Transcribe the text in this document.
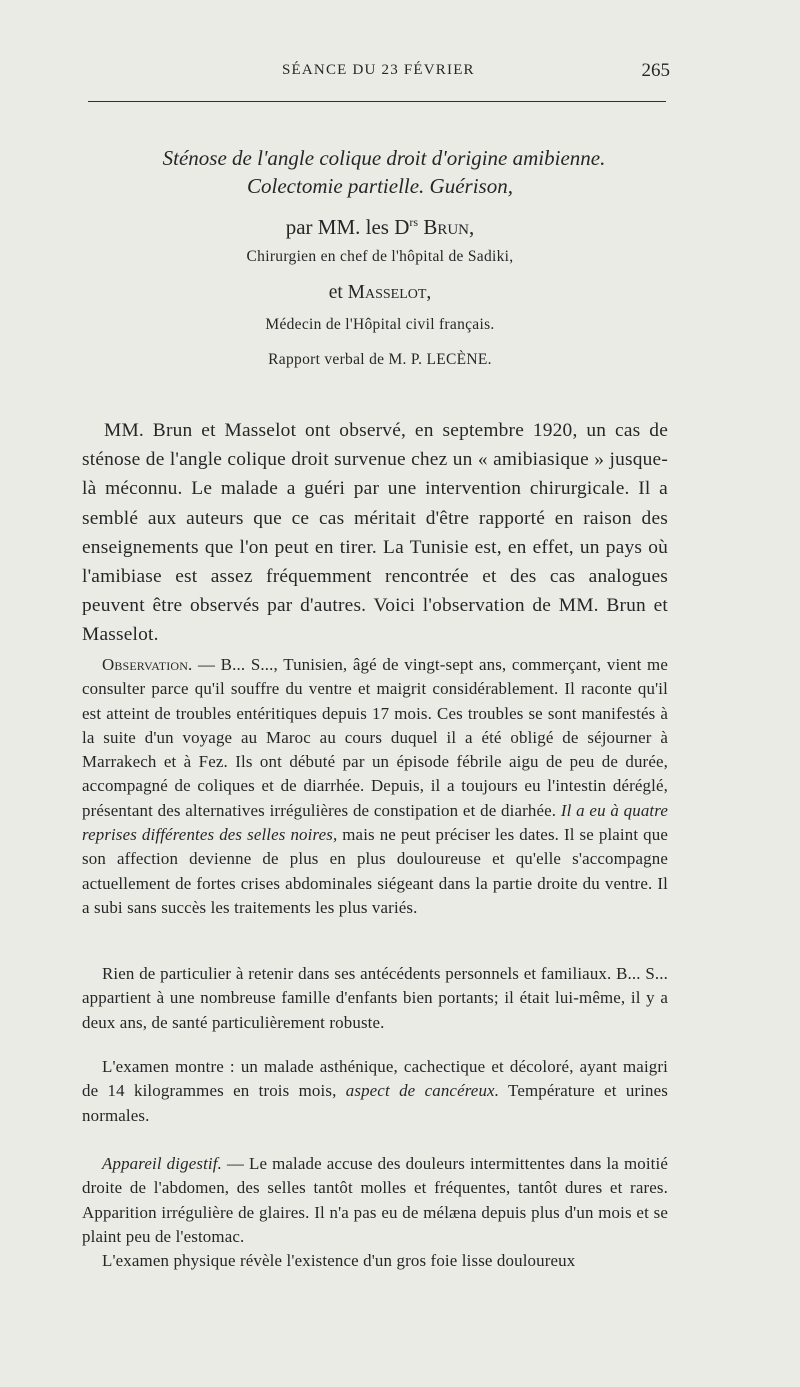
SÉANCE DU 23 FÉVRIER	265
Sténose de l'angle colique droit d'origine amibienne.
Colectomie partielle. Guérison,
par MM. les $D^{rs}$ Brun,
Chirurgien en chef de l'hôpital de Sadiki,
et Masselot,
Médecin de l'Hôpital civil français.
Rapport verbal de M. P. LECÈNE.

MM. Brun et Masselot ont observé, en septembre 1920, un cas de sténose de l'angle colique droit survenue chez un « amibiasique » jusque-là méconnu. Le malade a guéri par une intervention chirurgicale. Il a semblé aux auteurs que ce cas méritait d'être rapporté en raison des enseignements que l'on peut en tirer. La Tunisie est, en effet, un pays où l'amibiase est assez fréquemment rencontrée et des cas analogues peuvent être observés par d'autres. Voici l'observation de MM. Brun et Masselot.

Observation. — B... S..., Tunisien, âgé de vingt-sept ans, commerçant, vient me consulter parce qu'il souffre du ventre et maigrit considérablement. Il raconte qu'il est atteint de troubles entéritiques depuis 17 mois. Ces troubles se sont manifestés à la suite d'un voyage au Maroc au cours duquel il a été obligé de séjourner à Marrakech et à Fez. Ils ont débuté par un épisode fébrile aigu de peu de durée, accompagné de coliques et de diarrhée. Depuis, il a toujours eu l'intestin déréglé, présentant des alternatives irrégulières de constipation et de diarhée. Il a eu à quatre reprises différentes des selles noires, mais ne peut préciser les dates. Il se plaint que son affection devienne de plus en plus douloureuse et qu'elle s'accompagne actuellement de fortes crises abdominales siégeant dans la partie droite du ventre. Il a subi sans succès les traitements les plus variés.

Rien de particulier à retenir dans ses antécédents personnels et familiaux. B... S... appartient à une nombreuse famille d'enfants bien portants; il était lui-même, il y a deux ans, de santé particulièrement robuste.

L'examen montre : un malade asthénique, cachectique et décoloré, ayant maigri de 14 kilogrammes en trois mois, aspect de cancéreux. Température et urines normales.

Appareil digestif. — Le malade accuse des douleurs intermittentes dans la moitié droite de l'abdomen, des selles tantôt molles et fréquentes, tantôt dures et rares. Apparition irrégulière de glaires. Il n'a pas eu de mélæna depuis plus d'un mois et se plaint peu de l'estomac.

L'examen physique révèle l'existence d'un gros foie lisse douloureux
